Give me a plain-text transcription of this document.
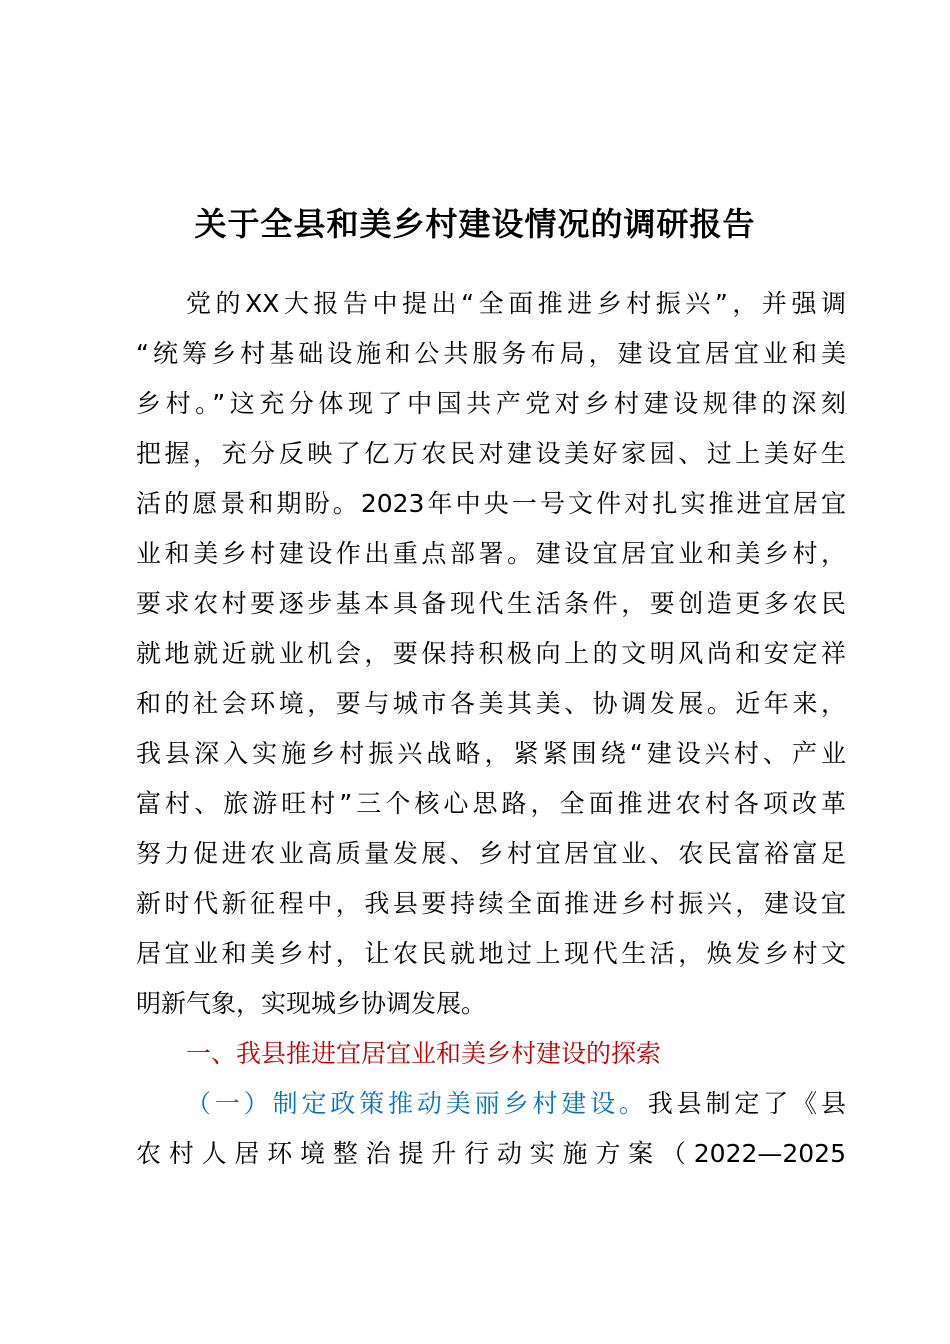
关于全县和美乡村建设情况的调研报告
党的XX大报告中提出“全面推进乡村振兴”，并强调
“统筹乡村基础设施和公共服务布局，建设宜居宜业和美
乡村。”这充分体现了中国共产党对乡村建设规律的深刻
把握，充分反映了亿万农民对建设美好家园、过上美好生
活的愿景和期盼。2023年中央一号文件对扎实推进宜居宜
业和美乡村建设作出重点部署。建设宜居宜业和美乡村，
要求农村要逐步基本具备现代生活条件，要创造更多农民
就地就近就业机会，要保持积极向上的文明风尚和安定祥
和的社会环境，要与城市各美其美、协调发展。近年来，
我县深入实施乡村振兴战略，紧紧围绕“建设兴村、产业
富村、旅游旺村”三个核心思路，全面推进农村各项改革
努力促进农业高质量发展、乡村宜居宜业、农民富裕富足
新时代新征程中，我县要持续全面推进乡村振兴，建设宜
居宜业和美乡村，让农民就地过上现代生活，焕发乡村文
明新气象，实现城乡协调发展。
一、我县推进宜居宜业和美乡村建设的探索
（一）制定政策推动美丽乡村建设。我县制定了《县
农村人居环境整治提升行动实施方案（2022—2025
